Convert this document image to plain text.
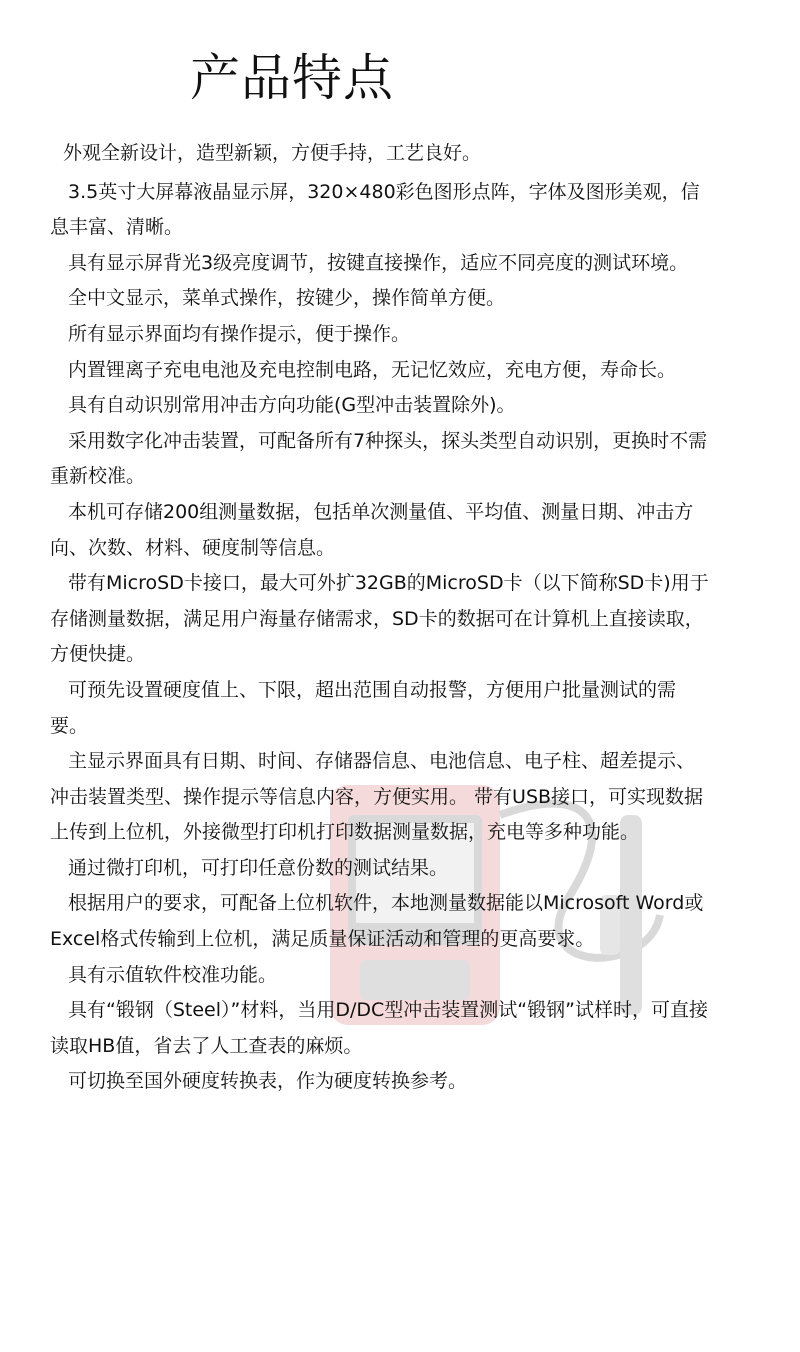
产品特点
外观全新设计，造型新颖，方便手持，工艺良好。
3.5英寸大屏幕液晶显示屏，320×480彩色图形点阵，字体及图形美观，信息丰富、清晰。
具有显示屏背光3级亮度调节，按键直接操作，适应不同亮度的测试环境。
全中文显示，菜单式操作，按键少，操作简单方便。
所有显示界面均有操作提示，便于操作。
内置锂离子充电电池及充电控制电路，无记忆效应，充电方便，寿命长。
具有自动识别常用冲击方向功能(G型冲击装置除外)。
采用数字化冲击装置，可配备所有7种探头，探头类型自动识别，更换时不需重新校准。
本机可存储200组测量数据，包括单次测量值、平均值、测量日期、冲击方向、次数、材料、硬度制等信息。
带有MicroSD卡接口，最大可外扩32GB的MicroSD卡（以下简称SD卡)用于存储测量数据，满足用户海量存储需求，SD卡的数据可在计算机上直接读取，方便快捷。
可预先设置硬度值上、下限，超出范围自动报警，方便用户批量测试的需要。
主显示界面具有日期、时间、存储器信息、电池信息、电子柱、超差提示、冲击装置类型、操作提示等信息内容，方便实用。 带有USB接口，可实现数据上传到上位机，外接微型打印机打印数据测量数据，充电等多种功能。
通过微打印机，可打印任意份数的测试结果。
根据用户的要求，可配备上位机软件，本地测量数据能以Microsoft Word或Excel格式传输到上位机，满足质量保证活动和管理的更高要求。
具有示值软件校准功能。
具有“锻钢（Steel）”材料，当用D/DC型冲击装置测试“锻钢”试样时，可直接读取HB值，省去了人工查表的麻烦。
可切换至国外硬度转换表，作为硬度转换参考。
